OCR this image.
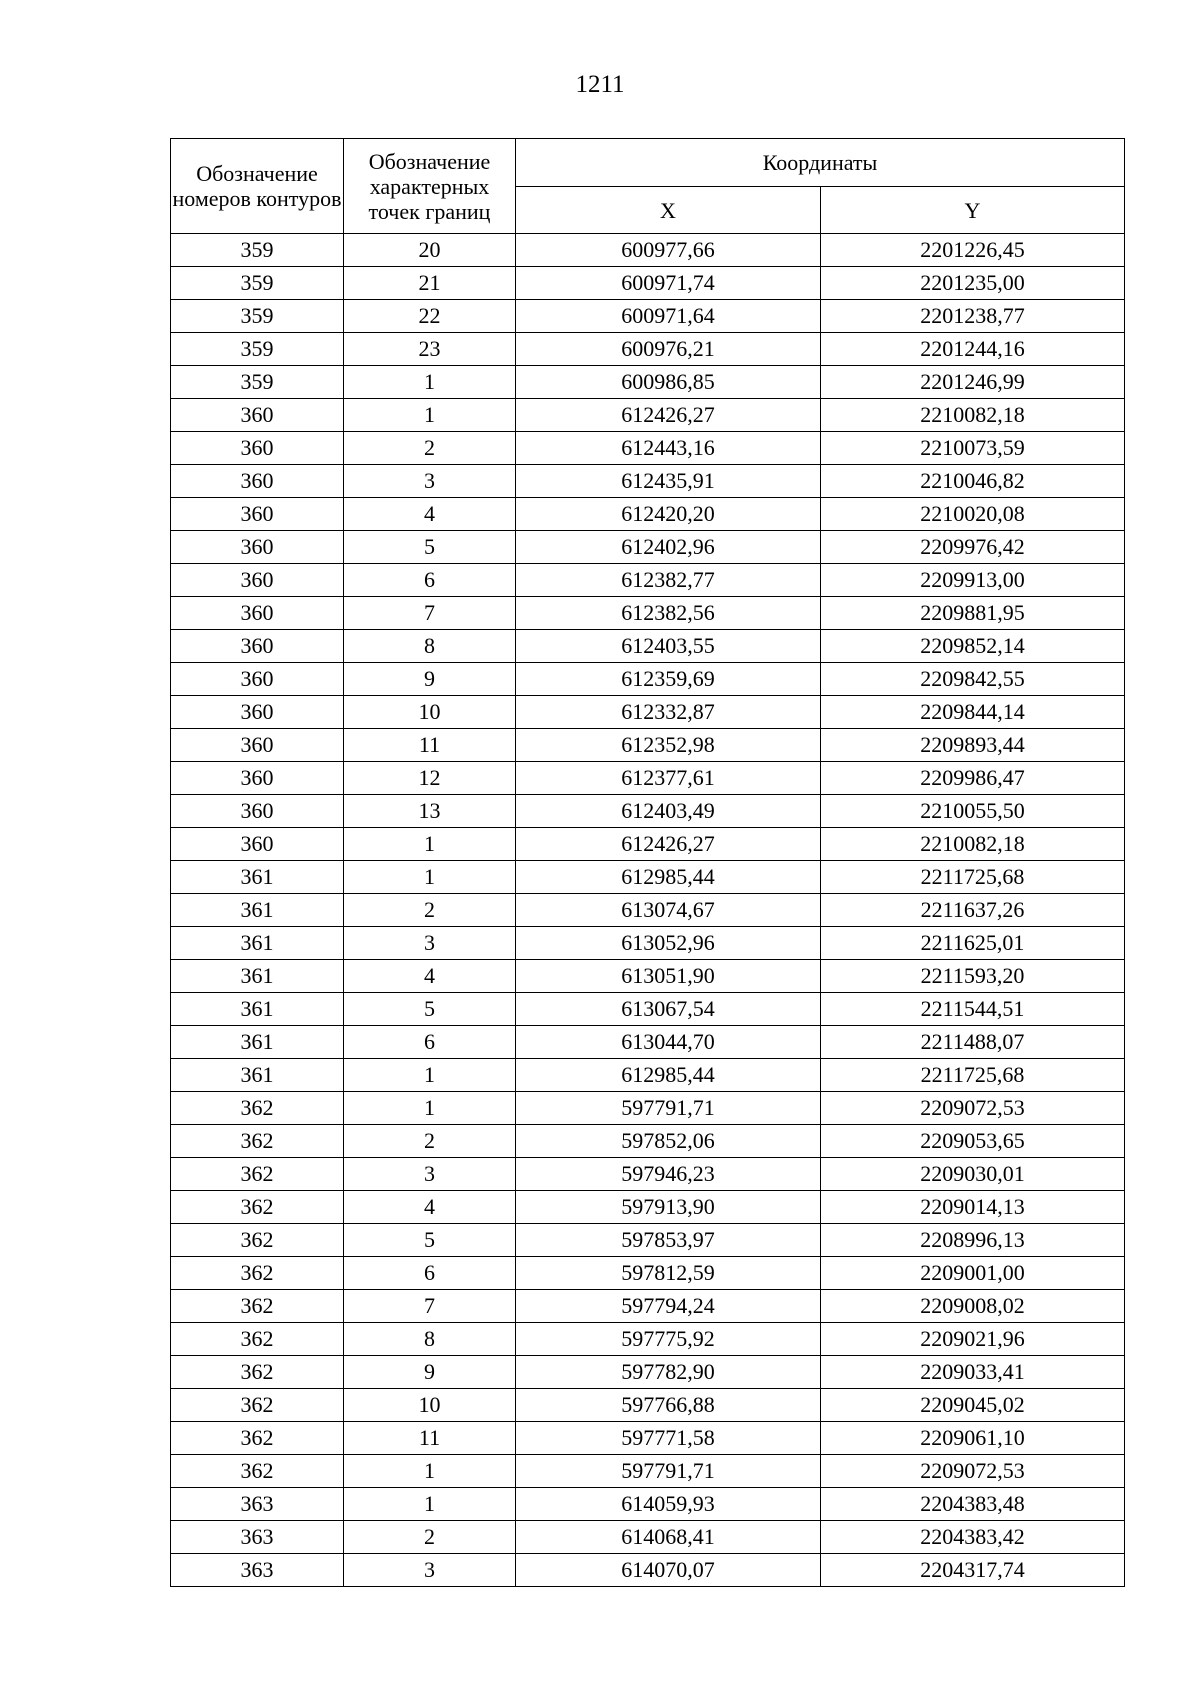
1211
Обозначение номеров контуров	Обозначение характерных точек границ	Координаты	
		X	Y
359	20	600977,66	2201226,45
359	21	600971,74	2201235,00
359	22	600971,64	2201238,77
359	23	600976,21	2201244,16
359	1	600986,85	2201246,99
360	1	612426,27	2210082,18
360	2	612443,16	2210073,59
360	3	612435,91	2210046,82
360	4	612420,20	2210020,08
360	5	612402,96	2209976,42
360	6	612382,77	2209913,00
360	7	612382,56	2209881,95
360	8	612403,55	2209852,14
360	9	612359,69	2209842,55
360	10	612332,87	2209844,14
360	11	612352,98	2209893,44
360	12	612377,61	2209986,47
360	13	612403,49	2210055,50
360	1	612426,27	2210082,18
361	1	612985,44	2211725,68
361	2	613074,67	2211637,26
361	3	613052,96	2211625,01
361	4	613051,90	2211593,20
361	5	613067,54	2211544,51
361	6	613044,70	2211488,07
361	1	612985,44	2211725,68
362	1	597791,71	2209072,53
362	2	597852,06	2209053,65
362	3	597946,23	2209030,01
362	4	597913,90	2209014,13
362	5	597853,97	2208996,13
362	6	597812,59	2209001,00
362	7	597794,24	2209008,02
362	8	597775,92	2209021,96
362	9	597782,90	2209033,41
362	10	597766,88	2209045,02
362	11	597771,58	2209061,10
362	1	597791,71	2209072,53
363	1	614059,93	2204383,48
363	2	614068,41	2204383,42
363	3	614070,07	2204317,74
